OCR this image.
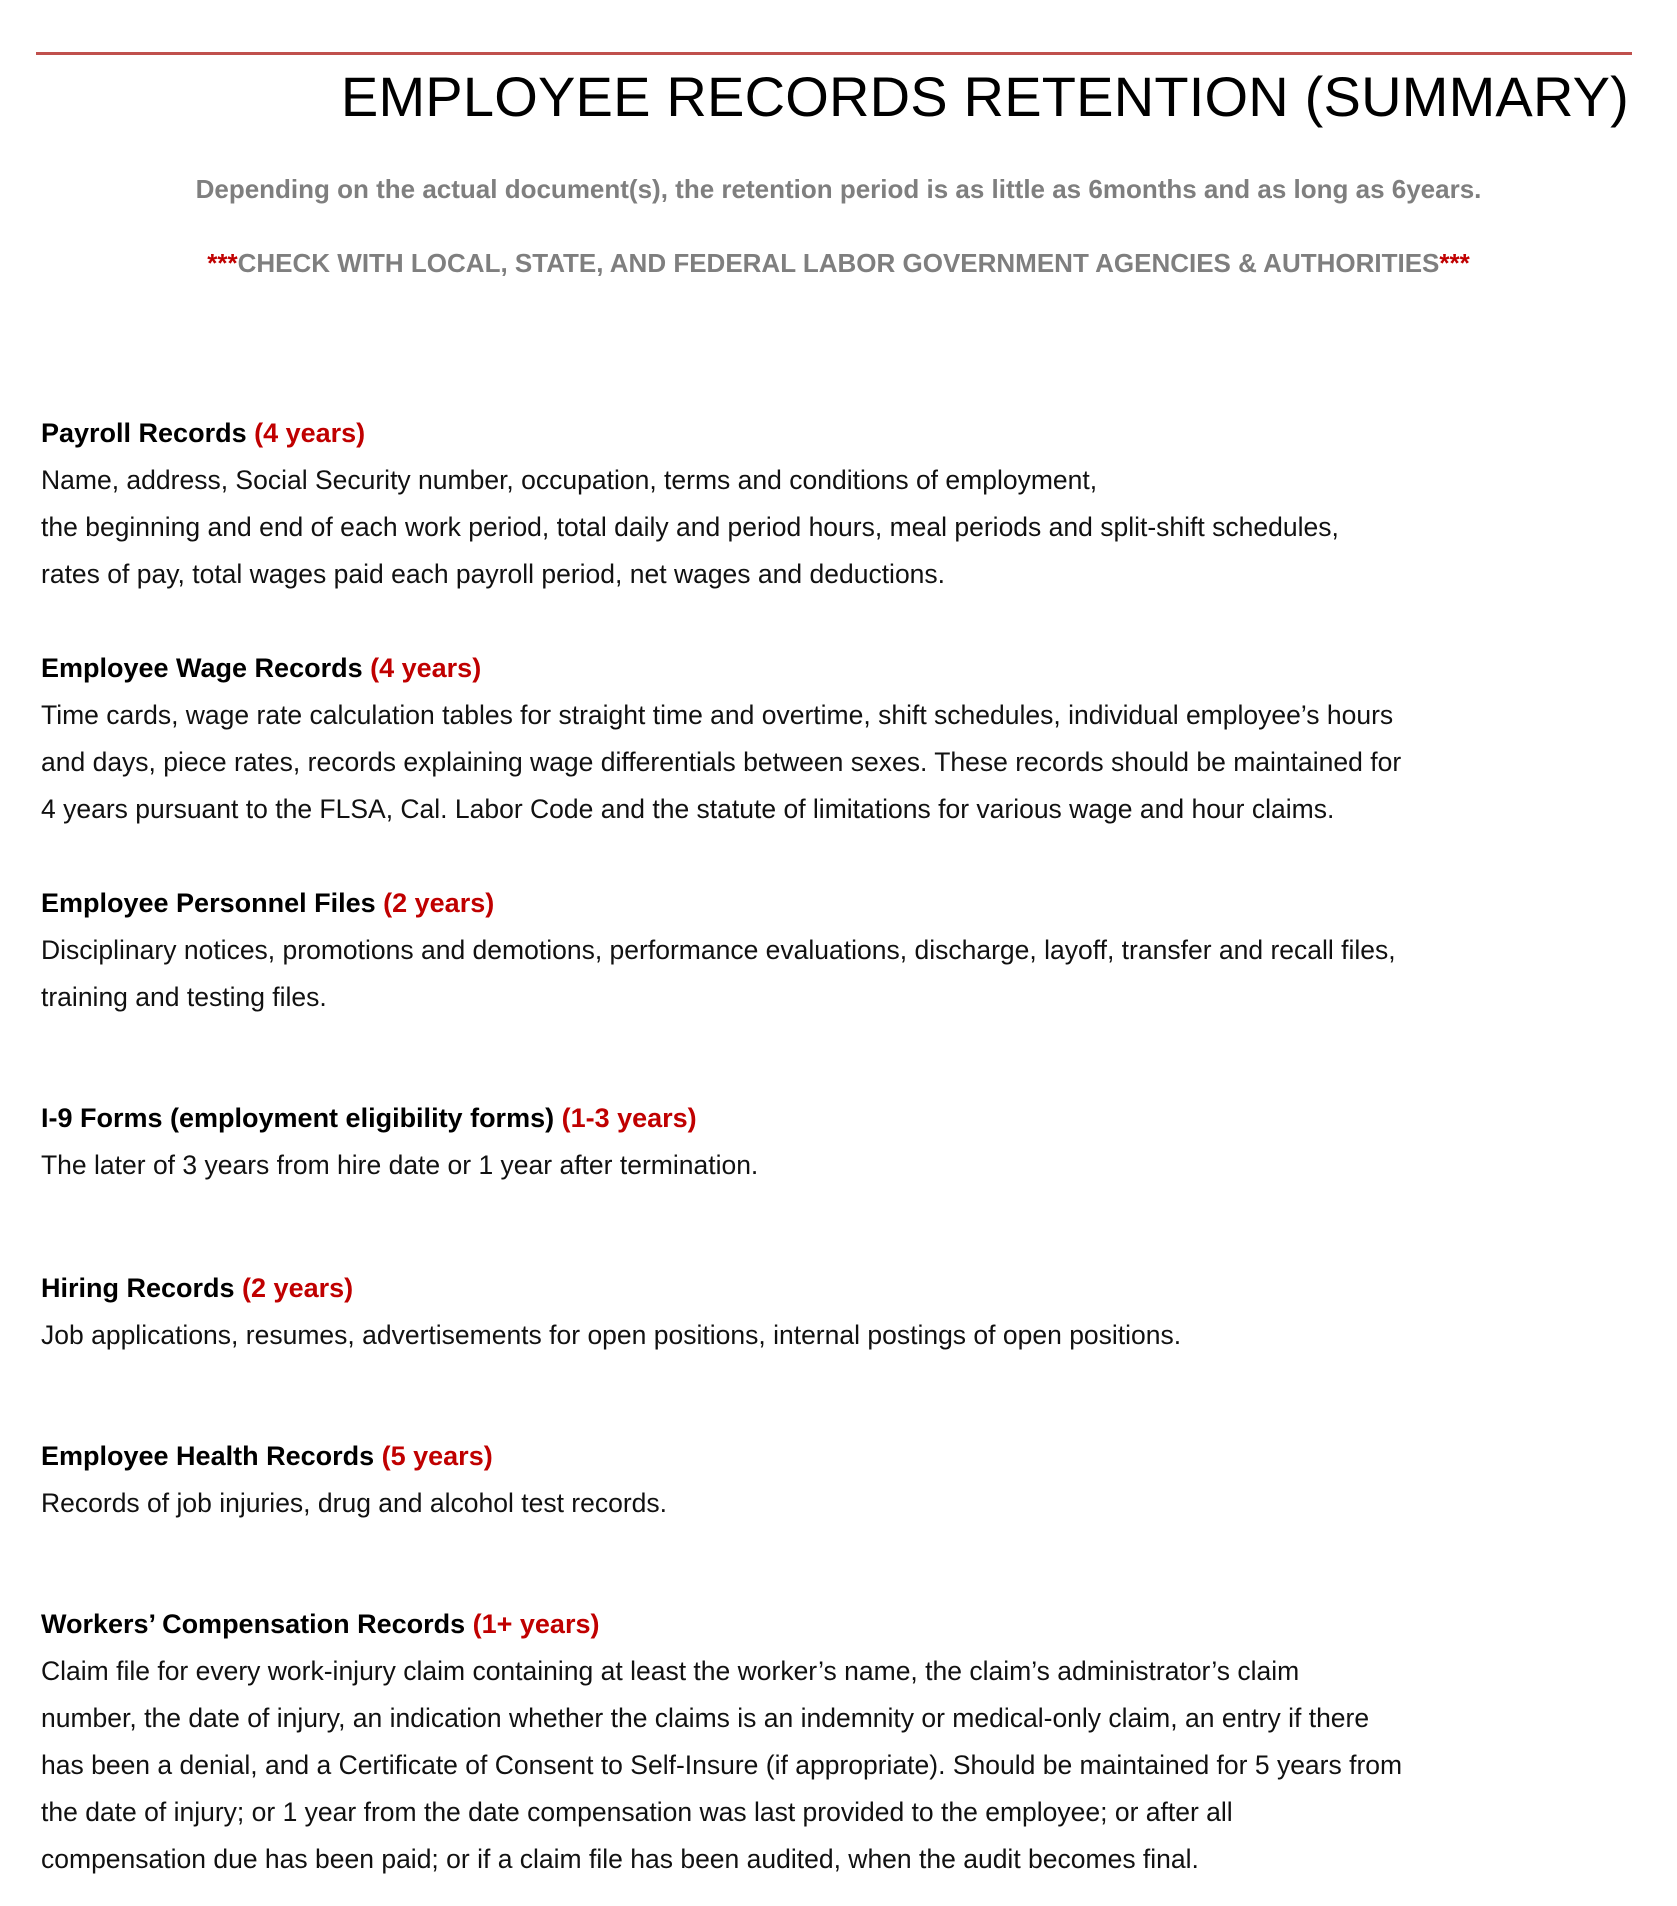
EMPLOYEE RECORDS RETENTION (SUMMARY)
Depending on the actual document(s), the retention period is as little as 6months and as long as 6years.
***CHECK WITH LOCAL, STATE, AND FEDERAL LABOR GOVERNMENT AGENCIES & AUTHORITIES***
Payroll Records (4 years)
Name, address, Social Security number, occupation, terms and conditions of employment,
the beginning and end of each work period, total daily and period hours, meal periods and split-shift schedules,
rates of pay, total wages paid each payroll period, net wages and deductions.
Employee Wage Records (4 years)
Time cards, wage rate calculation tables for straight time and overtime, shift schedules, individual employee’s hours
and days, piece rates, records explaining wage differentials between sexes. These records should be maintained for
4 years pursuant to the FLSA, Cal. Labor Code and the statute of limitations for various wage and hour claims.
Employee Personnel Files (2 years)
Disciplinary notices, promotions and demotions, performance evaluations, discharge, layoff, transfer and recall files,
training and testing files.
I-9 Forms (employment eligibility forms) (1-3 years)
The later of 3 years from hire date or 1 year after termination.
Hiring Records (2 years)
Job applications, resumes, advertisements for open positions, internal postings of open positions.
Employee Health Records (5 years)
Records of job injuries, drug and alcohol test records.
Workers’ Compensation Records (1+ years)
Claim file for every work-injury claim containing at least the worker’s name, the claim’s administrator’s claim
number, the date of injury, an indication whether the claims is an indemnity or medical-only claim, an entry if there
has been a denial, and a Certificate of Consent to Self-Insure (if appropriate). Should be maintained for 5 years from
the date of injury; or 1 year from the date compensation was last provided to the employee; or after all
compensation due has been paid; or if a claim file has been audited, when the audit becomes final.
